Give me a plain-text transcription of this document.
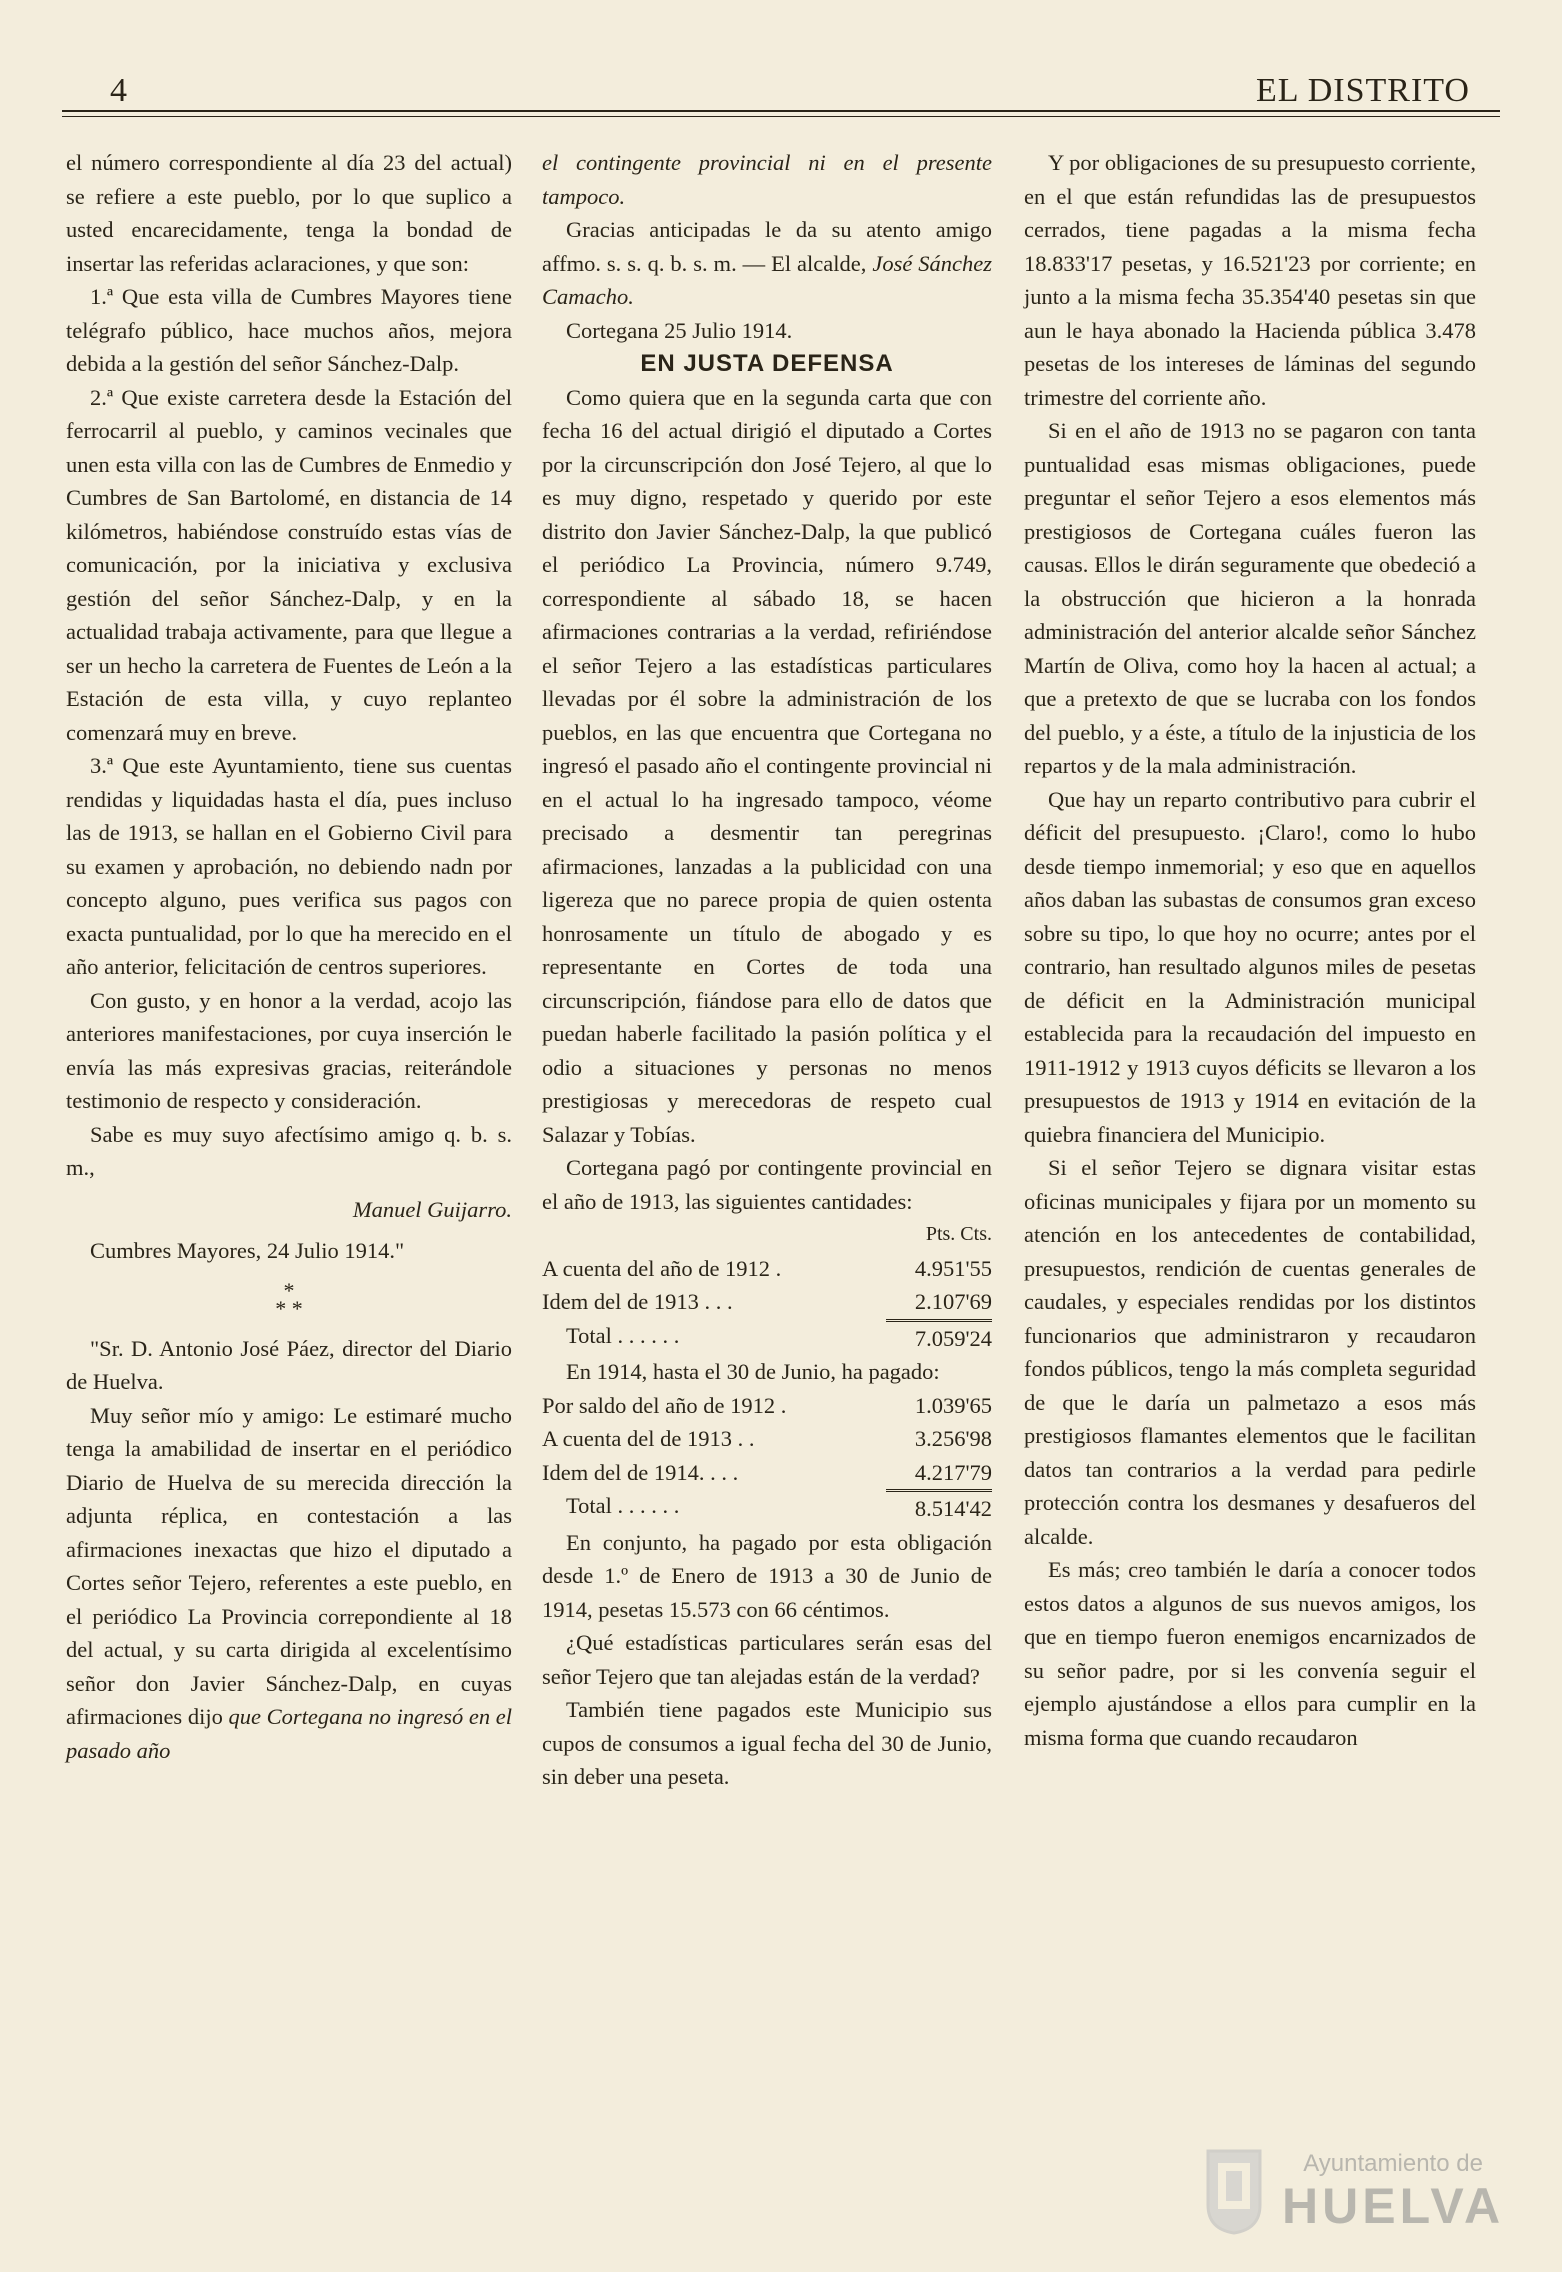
4	EL DISTRITO

el número correspondiente al día 23 del actual) se refiere a este pueblo, por lo que suplico a usted encarecidamente, tenga la bondad de insertar las referidas aclaraciones, y que son:

1.ª Que esta villa de Cumbres Mayores tiene telégrafo público, hace muchos años, mejora debida a la gestión del señor Sánchez-Dalp.

2.ª Que existe carretera desde la Estación del ferrocarril al pueblo, y caminos vecinales que unen esta villa con las de Cumbres de Enmedio y Cumbres de San Bartolomé, en distancia de 14 kilómetros, habiéndose construído estas vías de comunicación, por la iniciativa y exclusiva gestión del señor Sánchez-Dalp, y en la actualidad trabaja activamente, para que llegue a ser un hecho la carretera de Fuentes de León a la Estación de esta villa, y cuyo replanteo comenzará muy en breve.

3.ª Que este Ayuntamiento, tiene sus cuentas rendidas y liquidadas hasta el día, pues incluso las de 1913, se hallan en el Gobierno Civil para su examen y aprobación, no debiendo nadn por concepto alguno, pues verifica sus pagos con exacta puntualidad, por lo que ha merecido en el año anterior, felicitación de centros superiores.

Con gusto, y en honor a la verdad, acojo las anteriores manifestaciones, por cuya inserción le envía las más expresivas gracias, reiterándole testimonio de respecto y consideración.

Sabe es muy suyo afectísimo amigo q. b. s. m.,

Manuel Guijarro.

Cumbres Mayores, 24 Julio 1914."

*
* *

"Sr. D. Antonio José Páez, director del Diario de Huelva.

Muy señor mío y amigo: Le estimaré mucho tenga la amabilidad de insertar en el periódico Diario de Huelva de su merecida dirección la adjunta réplica, en contestación a las afirmaciones inexactas que hizo el diputado a Cortes señor Tejero, referentes a este pueblo, en el periódico La Provincia correpondiente al 18 del actual, y su carta dirigida al excelentísimo señor don Javier Sánchez-Dalp, en cuyas afirmaciones dijo que Cortegana no ingresó en el pasado año

el contingente provincial ni en el presente tampoco.

Gracias anticipadas le da su atento amigo affmo. s. s. q. b. s. m. — El alcalde, José Sánchez Camacho.

Cortegana 25 Julio 1914.

EN JUSTA DEFENSA

Como quiera que en la segunda carta que con fecha 16 del actual dirigió el diputado a Cortes por la circunscripción don José Tejero, al que lo es muy digno, respetado y querido por este distrito don Javier Sánchez-Dalp, la que publicó el periódico La Provincia, número 9.749, correspondiente al sábado 18, se hacen afirmaciones contrarias a la verdad, refiriéndose el señor Tejero a las estadísticas particulares llevadas por él sobre la administración de los pueblos, en las que encuentra que Cortegana no ingresó el pasado año el contingente provincial ni en el actual lo ha ingresado tampoco, véome precisado a desmentir tan peregrinas afirmaciones, lanzadas a la publicidad con una ligereza que no parece propia de quien ostenta honrosamente un título de abogado y es representante en Cortes de toda una circunscripción, fiándose para ello de datos que puedan haberle facilitado la pasión política y el odio a situaciones y personas no menos prestigiosas y merecedoras de respeto cual Salazar y Tobías.

Cortegana pagó por contingente provincial en el año de 1913, las siguientes cantidades:

Pts. Cts.

A cuenta del año de 1912 .	4.951'55
Idem del de 1913 . . .	2.107'69
Total . . . . . .	7.059'24

En 1914, hasta el 30 de Junio, ha pagado:

Por saldo del año de 1912 .	1.039'65
A cuenta del de 1913 . .	3.256'98
Idem del de 1914. . . .	4.217'79
Total . . . . . .	8.514'42

En conjunto, ha pagado por esta obligación desde 1.º de Enero de 1913 a 30 de Junio de 1914, pesetas 15.573 con 66 céntimos.

¿Qué estadísticas particulares serán esas del señor Tejero que tan alejadas están de la verdad?

También tiene pagados este Municipio sus cupos de consumos a igual fecha del 30 de Junio, sin deber una peseta.

Y por obligaciones de su presupuesto corriente, en el que están refundidas las de presupuestos cerrados, tiene pagadas a la misma fecha 18.833'17 pesetas, y 16.521'23 por corriente; en junto a la misma fecha 35.354'40 pesetas sin que aun le haya abonado la Hacienda pública 3.478 pesetas de los intereses de láminas del segundo trimestre del corriente año.

Si en el año de 1913 no se pagaron con tanta puntualidad esas mismas obligaciones, puede preguntar el señor Tejero a esos elementos más prestigiosos de Cortegana cuáles fueron las causas. Ellos le dirán seguramente que obedeció a la obstrucción que hicieron a la honrada administración del anterior alcalde señor Sánchez Martín de Oliva, como hoy la hacen al actual; a que a pretexto de que se lucraba con los fondos del pueblo, y a éste, a título de la injusticia de los repartos y de la mala administración.

Que hay un reparto contributivo para cubrir el déficit del presupuesto. ¡Claro!, como lo hubo desde tiempo inmemorial; y eso que en aquellos años daban las subastas de consumos gran exceso sobre su tipo, lo que hoy no ocurre; antes por el contrario, han resultado algunos miles de pesetas de déficit en la Administración municipal establecida para la recaudación del impuesto en 1911-1912 y 1913 cuyos déficits se llevaron a los presupuestos de 1913 y 1914 en evitación de la quiebra financiera del Municipio.

Si el señor Tejero se dignara visitar estas oficinas municipales y fijara por un momento su atención en los antecedentes de contabilidad, presupuestos, rendición de cuentas generales de caudales, y especiales rendidas por los distintos funcionarios que administraron y recaudaron fondos públicos, tengo la más completa seguridad de que le daría un palmetazo a esos más prestigiosos flamantes elementos que le facilitan datos tan contrarios a la verdad para pedirle protección contra los desmanes y desafueros del alcalde.

Es más; creo también le daría a conocer todos estos datos a algunos de sus nuevos amigos, los que en tiempo fueron enemigos encarnizados de su señor padre, por si les convenía seguir el ejemplo ajustándose a ellos para cumplir en la misma forma que cuando recaudaron

Ayuntamiento de
HUELVA
